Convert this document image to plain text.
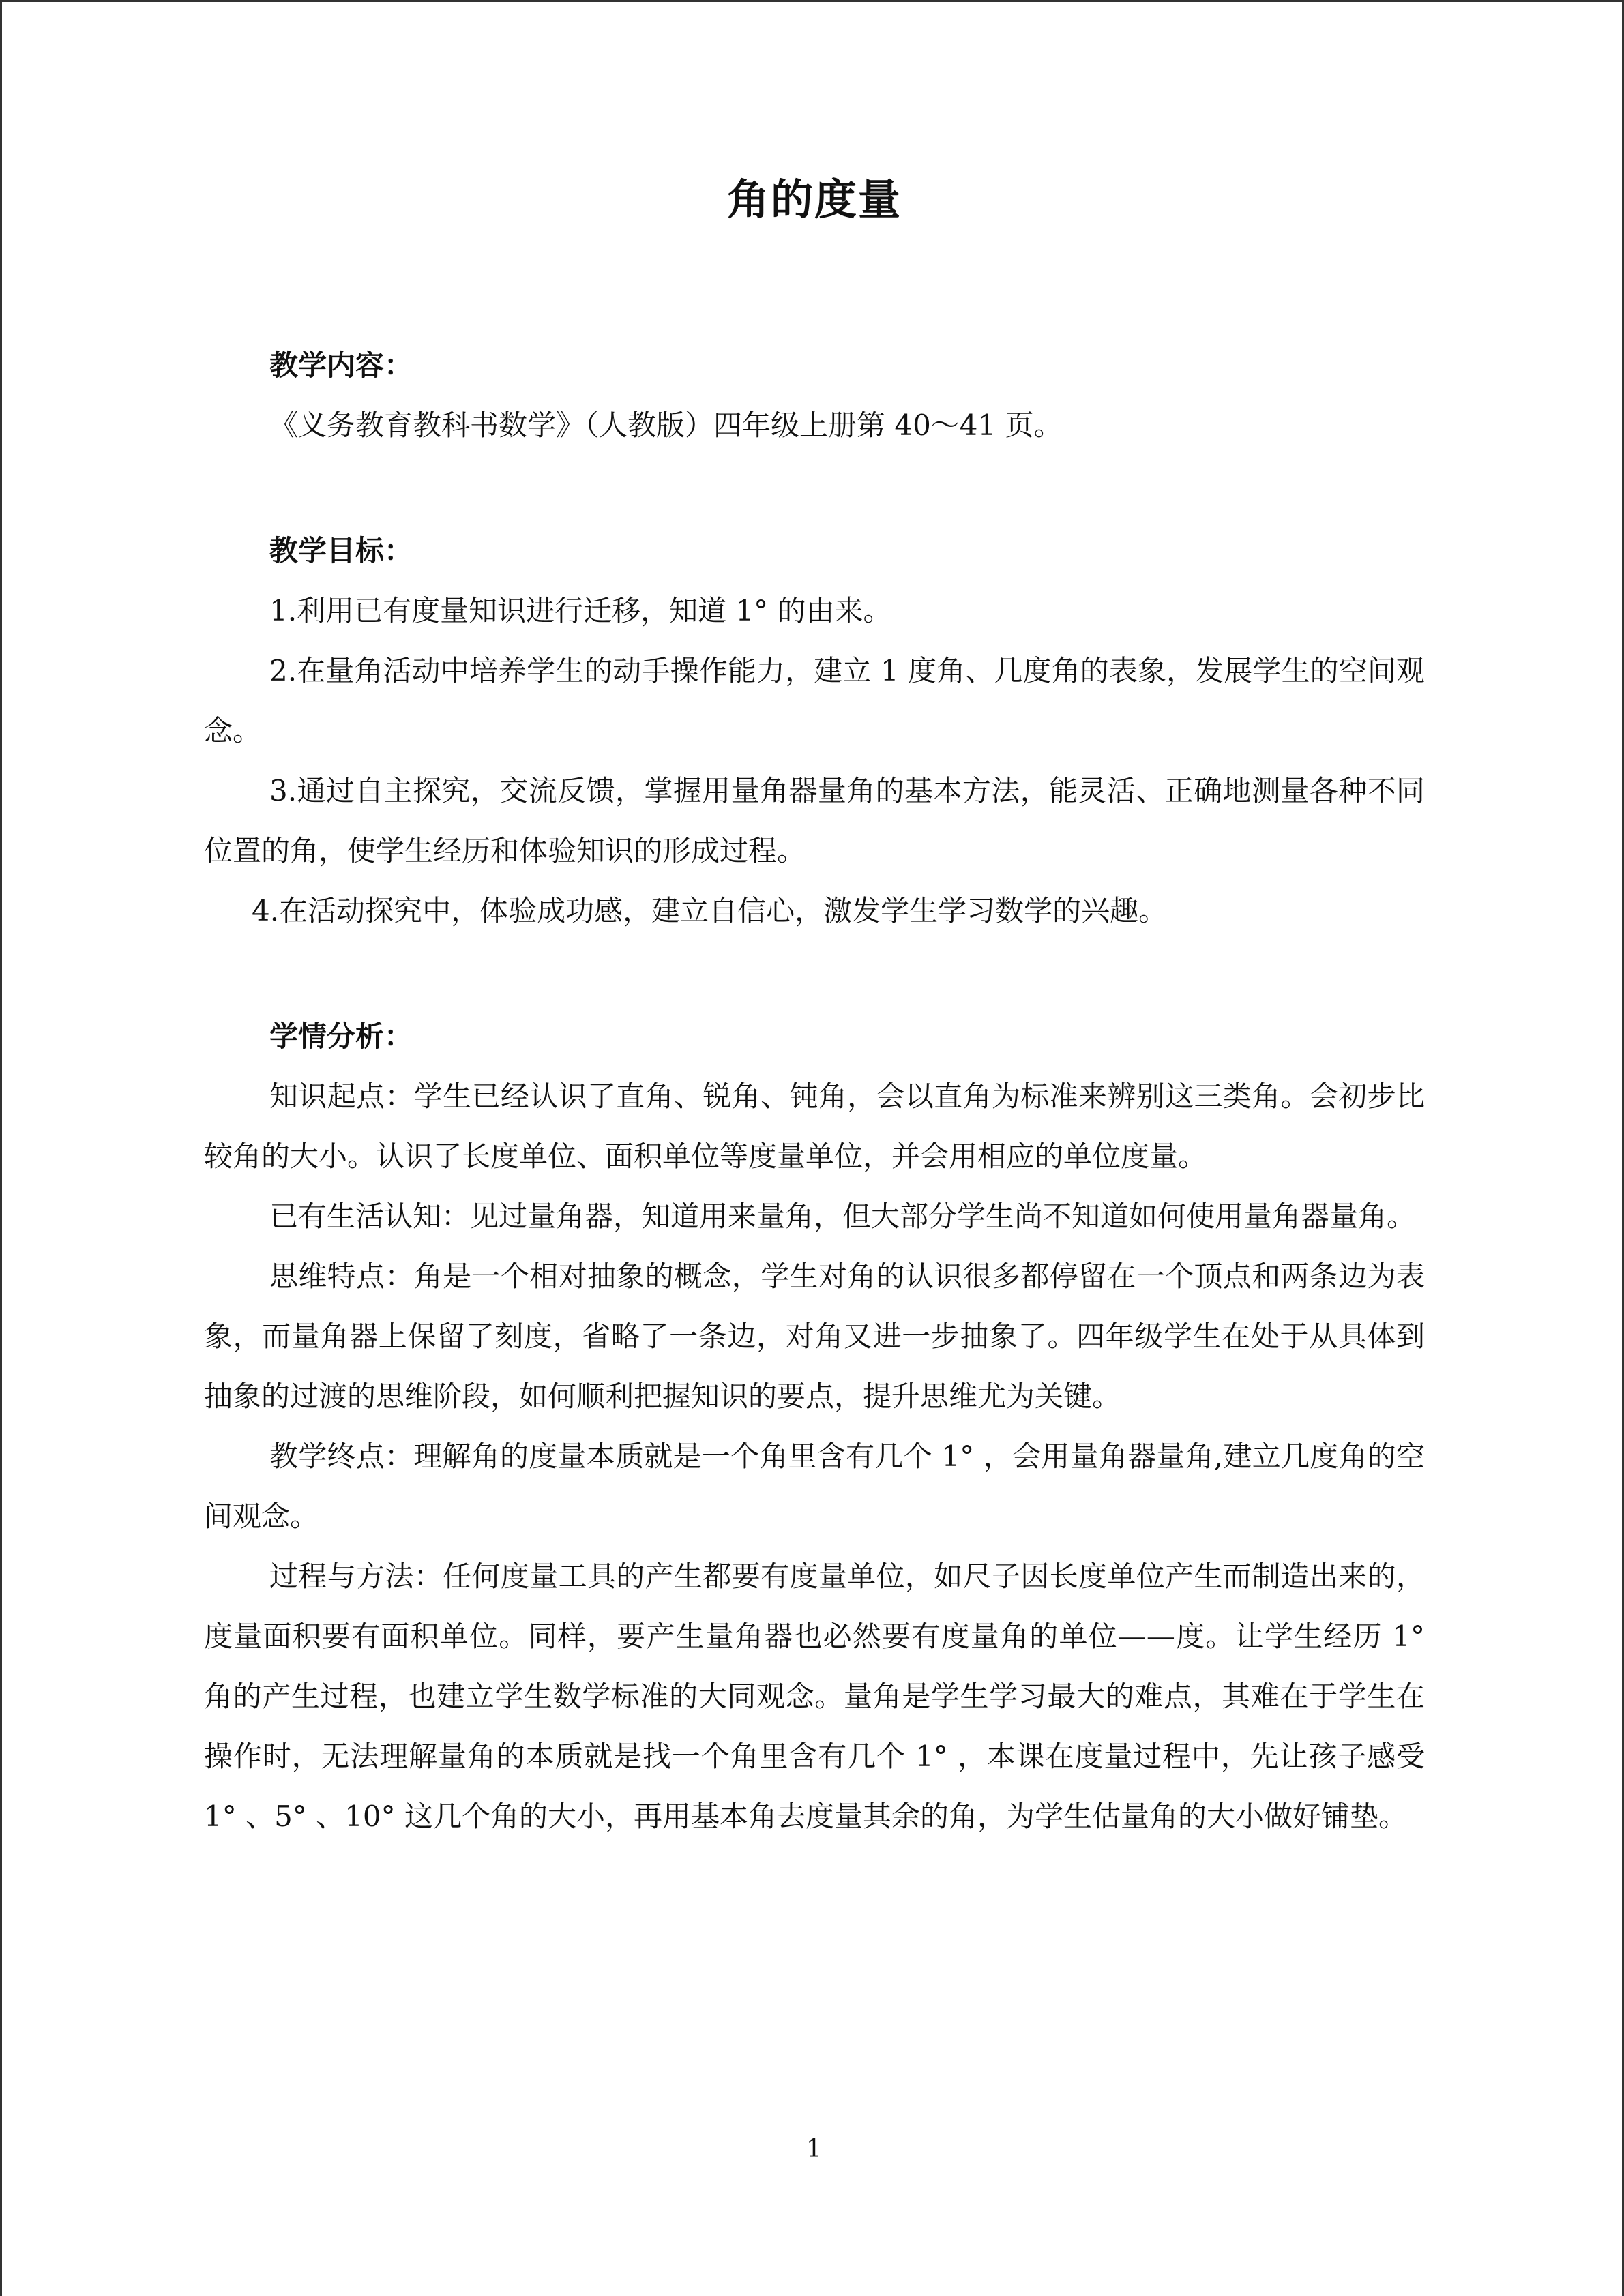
角的度量

教学内容：

《义务教育教科书数学》（人教版）四年级上册第 40～41 页。

教学目标：

1.利用已有度量知识进行迁移，知道 1° 的由来。

2.在量角活动中培养学生的动手操作能力，建立 1 度角、几度角的表象，发展学生的空间观念。

3.通过自主探究，交流反馈，掌握用量角器量角的基本方法，能灵活、正确地测量各种不同位置的角，使学生经历和体验知识的形成过程。

4.在活动探究中，体验成功感，建立自信心，激发学生学习数学的兴趣。

学情分析：

知识起点：学生已经认识了直角、锐角、钝角，会以直角为标准来辨别这三类角。会初步比较角的大小。认识了长度单位、面积单位等度量单位，并会用相应的单位度量。

已有生活认知：见过量角器，知道用来量角，但大部分学生尚不知道如何使用量角器量角。

思维特点：角是一个相对抽象的概念，学生对角的认识很多都停留在一个顶点和两条边为表象，而量角器上保留了刻度，省略了一条边，对角又进一步抽象了。四年级学生在处于从具体到抽象的过渡的思维阶段，如何顺利把握知识的要点，提升思维尤为关键。

教学终点：理解角的度量本质就是一个角里含有几个 1° ，会用量角器量角,建立几度角的空间观念。

过程与方法：任何度量工具的产生都要有度量单位，如尺子因长度单位产生而制造出来的，度量面积要有面积单位。同样，要产生量角器也必然要有度量角的单位——度。让学生经历 1° 角的产生过程，也建立学生数学标准的大同观念。量角是学生学习最大的难点，其难在于学生在操作时，无法理解量角的本质就是找一个角里含有几个 1° ，本课在度量过程中，先让孩子感受 1° 、5° 、10° 这几个角的大小，再用基本角去度量其余的角，为学生估量角的大小做好铺垫。

1
